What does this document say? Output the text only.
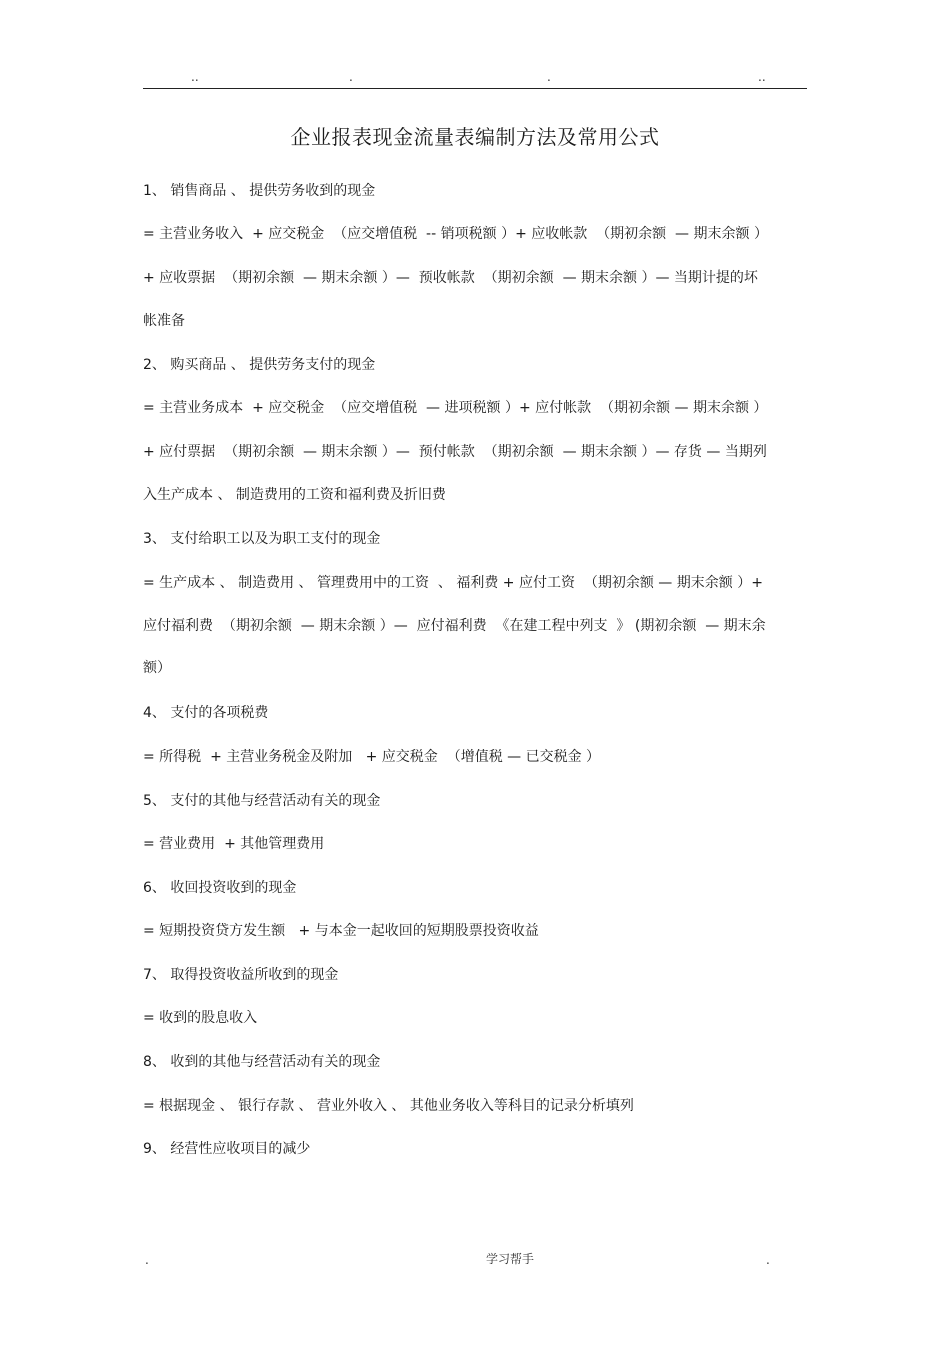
..	.	.	..
企业报表现金流量表编制方法及常用公式
1、 销售商品 、 提供劳务收到的现金
= 主营业务收入  + 应交税金  （应交增值税  -- 销项税额 ）+ 应收帐款  （期初余额  — 期末余额 ）
+ 应收票据  （期初余额  — 期末余额 ）—  预收帐款  （期初余额  — 期末余额 ）— 当期计提的坏
帐准备
2、 购买商品 、 提供劳务支付的现金
= 主营业务成本  + 应交税金  （应交增值税  — 进项税额 ）+ 应付帐款  （期初余额 — 期末余额 ）
+ 应付票据  （期初余额  — 期末余额 ）—  预付帐款  （期初余额  — 期末余额 ）— 存货 — 当期列
入生产成本 、 制造费用的工资和福利费及折旧费
3、 支付给职工以及为职工支付的现金
= 生产成本 、 制造费用 、 管理费用中的工资  、 福利费 + 应付工资  （期初余额 — 期末余额 ）+
应付福利费  （期初余额  — 期末余额 ）—  应付福利费  《在建工程中列支  》 (期初余额  — 期末余
额）
4、 支付的各项税费
= 所得税  + 主营业务税金及附加   + 应交税金  （增值税 — 已交税金 ）
5、 支付的其他与经营活动有关的现金
= 营业费用  + 其他管理费用
6、 收回投资收到的现金
= 短期投资贷方发生额   + 与本金一起收回的短期股票投资收益
7、 取得投资收益所收到的现金
= 收到的股息收入
8、 收到的其他与经营活动有关的现金
= 根据现金 、 银行存款 、 营业外收入 、 其他业务收入等科目的记录分析填列
9、 经营性应收项目的减少
.	学习帮手	.
